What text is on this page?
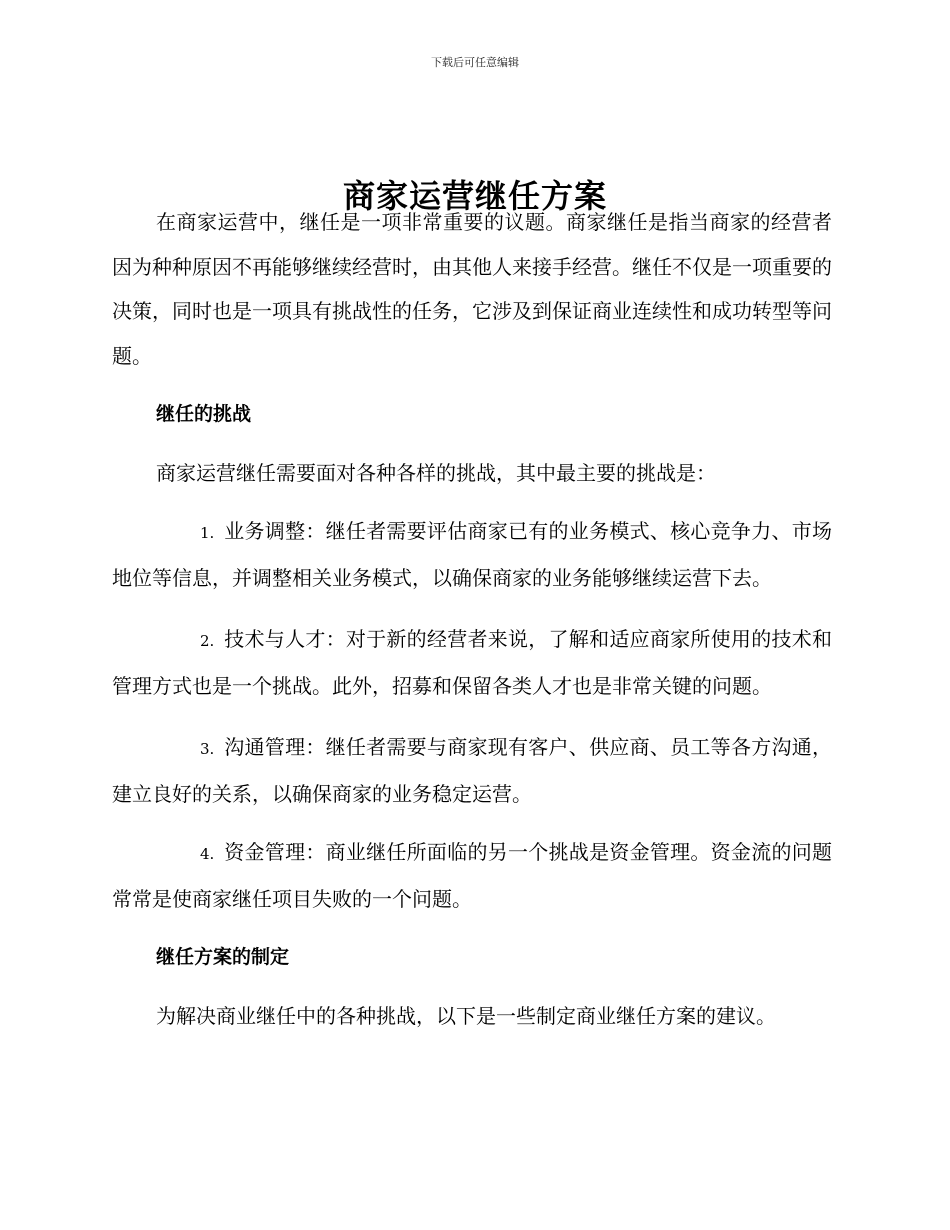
下载后可任意编辑
商家运营继任方案

在商家运营中，继任是一项非常重要的议题。商家继任是指当商家的经营者因为种种原因不再能够继续经营时，由其他人来接手经营。继任不仅是一项重要的决策，同时也是一项具有挑战性的任务，它涉及到保证商业连续性和成功转型等问题。

继任的挑战

商家运营继任需要面对各种各样的挑战，其中最主要的挑战是：

1. 业务调整：继任者需要评估商家已有的业务模式、核心竞争力、市场地位等信息，并调整相关业务模式，以确保商家的业务能够继续运营下去。

2. 技术与人才：对于新的经营者来说，了解和适应商家所使用的技术和管理方式也是一个挑战。此外，招募和保留各类人才也是非常关键的问题。

3. 沟通管理：继任者需要与商家现有客户、供应商、员工等各方沟通，建立良好的关系，以确保商家的业务稳定运营。

4. 资金管理：商业继任所面临的另一个挑战是资金管理。资金流的问题常常是使商家继任项目失败的一个问题。

继任方案的制定

为解决商业继任中的各种挑战，以下是一些制定商业继任方案的建议。
